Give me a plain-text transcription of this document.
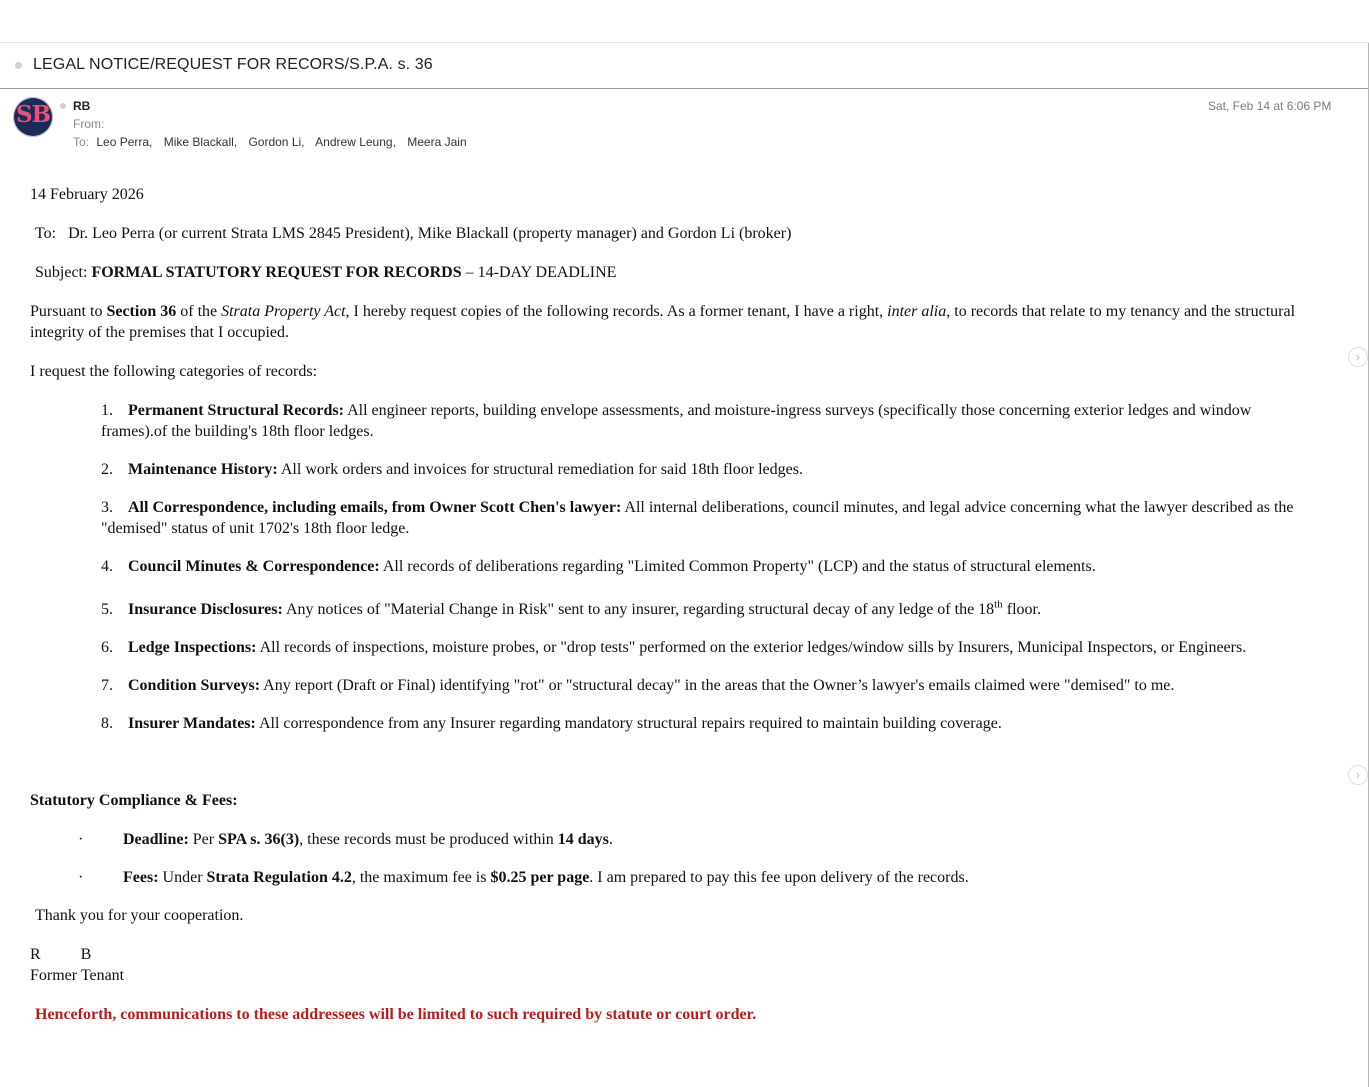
LEGAL NOTICE/REQUEST FOR RECORS/S.P.A. s. 36
SB RB
From:
To: Leo Perra, Mike Blackall, Gordon Li, Andrew Leung, Meera Jain
Sat, Feb 14 at 6:06 PM
›
›

14 February 2026

To:   Dr. Leo Perra (or current Strata LMS 2845 President), Mike Blackall (property manager) and Gordon Li (broker)

Subject: FORMAL STATUTORY REQUEST FOR RECORDS – 14-DAY DEADLINE

Pursuant to Section 36 of the Strata Property Act, I hereby request copies of the following records. As a former tenant, I have a right, inter alia, to records that relate to my tenancy and the structural integrity of the premises that I occupied.

I request the following categories of records:

1. Permanent Structural Records: All engineer reports, building envelope assessments, and moisture-ingress surveys (specifically those concerning exterior ledges and window frames).of the building's 18th floor ledges.
2. Maintenance History: All work orders and invoices for structural remediation for said 18th floor ledges.
3. All Correspondence, including emails, from Owner Scott Chen's lawyer: All internal deliberations, council minutes, and legal advice concerning what the lawyer described as the "demised" status of unit 1702's 18th floor ledge.
4. Council Minutes & Correspondence: All records of deliberations regarding "Limited Common Property" (LCP) and the status of structural elements.
5. Insurance Disclosures: Any notices of "Material Change in Risk" sent to any insurer, regarding structural decay of any ledge of the 18th floor.
6. Ledge Inspections: All records of inspections, moisture probes, or "drop tests" performed on the exterior ledges/window sills by Insurers, Municipal Inspectors, or Engineers.
7. Condition Surveys: Any report (Draft or Final) identifying "rot" or "structural decay" in the areas that the Owner’s lawyer's emails claimed were "demised" to me.
8. Insurer Mandates: All correspondence from any Insurer regarding mandatory structural repairs required to maintain building coverage.

Statutory Compliance & Fees:

· Deadline: Per SPA s. 36(3), these records must be produced within 14 days.
· Fees: Under Strata Regulation 4.2, the maximum fee is $0.25 per page. I am prepared to pay this fee upon delivery of the records.

Thank you for your cooperation.

R	B

Former Tenant

Henceforth, communications to these addressees will be limited to such required by statute or court order.
